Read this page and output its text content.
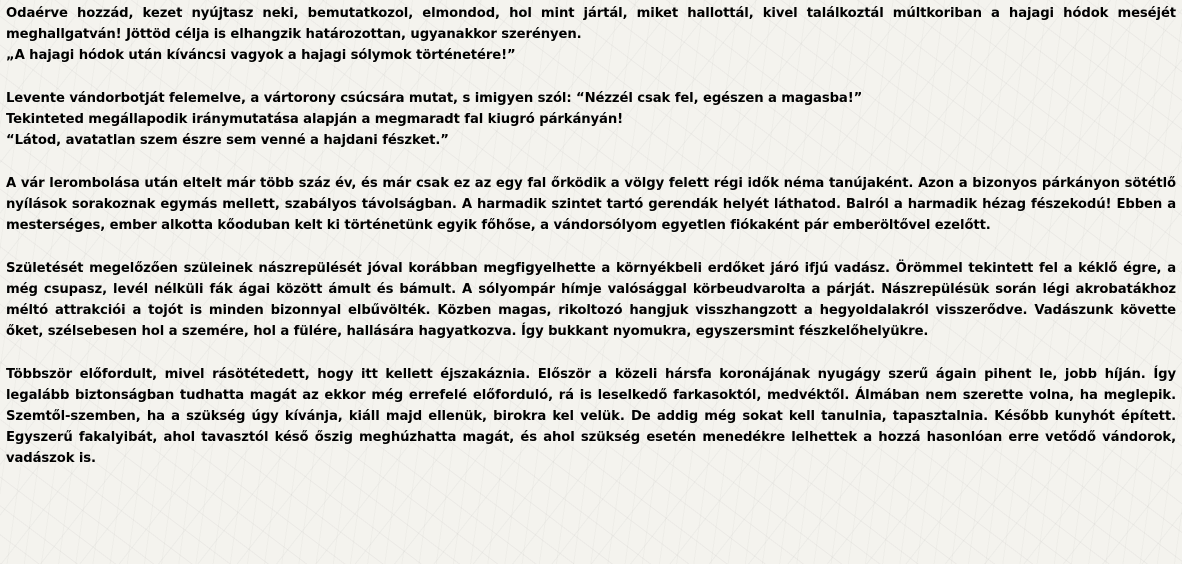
Odaérve hozzád, kezet nyújtasz neki, bemutatkozol, elmondod, hol mint jártál, miket hallottál, kivel találkoztál múltkoriban a hajagi hódok meséjét meghallgatván! Jöttöd célja is elhangzik határozottan, ugyanakkor szerényen.
„A hajagi hódok után kíváncsi vagyok a hajagi sólymok történetére!”
Levente vándorbotját felemelve, a vártorony csúcsára mutat, s imigyen szól: “Nézzél csak fel, egészen a magasba!”
Tekinteted megállapodik iránymutatása alapján a megmaradt fal kiugró párkányán!
“Látod, avatatlan szem észre sem venné a hajdani fészket.”
A vár lerombolása után eltelt már több száz év, és már csak ez az egy fal őrködik a völgy felett régi idők néma tanújaként. Azon a bizonyos párkányon sötétlő nyílások sorakoznak egymás mellett, szabályos távolságban. A harmadik szintet tartó gerendák helyét láthatod. Balról a harmadik hézag fészekodú! Ebben a mesterséges, ember alkotta kőoduban kelt ki történetünk egyik főhőse, a vándorsólyom egyetlen fiókaként pár emberöltővel ezelőtt.
Születését megelőzően szüleinek nászrepülését jóval korábban megfigyelhette a környékbeli erdőket járó ifjú vadász. Örömmel tekintett fel a kéklő égre, a még csupasz, levél nélküli fák ágai között ámult és bámult. A sólyompár hímje valósággal körbeudvarolta a párját. Nászrepülésük során légi akrobatákhoz méltó attrakciói a tojót is minden bizonnyal elbűvölték. Közben magas, rikoltozó hangjuk visszhangzott a hegyoldalakról visszerődve. Vadászunk követte őket, szélsebesen hol a szemére, hol a fülére, hallására hagyatkozva. Így bukkant nyomukra, egyszersmint fészkelőhelyükre.
Többször előfordult, mivel rásötétedett, hogy itt kellett éjszakáznia. Először a közeli hársfa koronájának nyugágy szerű ágain pihent le, jobb híján. Így legalább biztonságban tudhatta magát az ekkor még errefelé előforduló, rá is leselkedő farkasoktól, medvéktől. Álmában nem szerette volna, ha meglepik. Szemtől-szemben, ha a szükség úgy kívánja, kiáll majd ellenük, birokra kel velük. De addig még sokat kell tanulnia, tapasztalnia. Később kunyhót épített. Egyszerű fakalyibát, ahol tavasztól késő őszig meghúzhatta magát, és ahol szükség esetén menedékre lelhettek a hozzá hasonlóan erre vetődő vándorok, vadászok is.
